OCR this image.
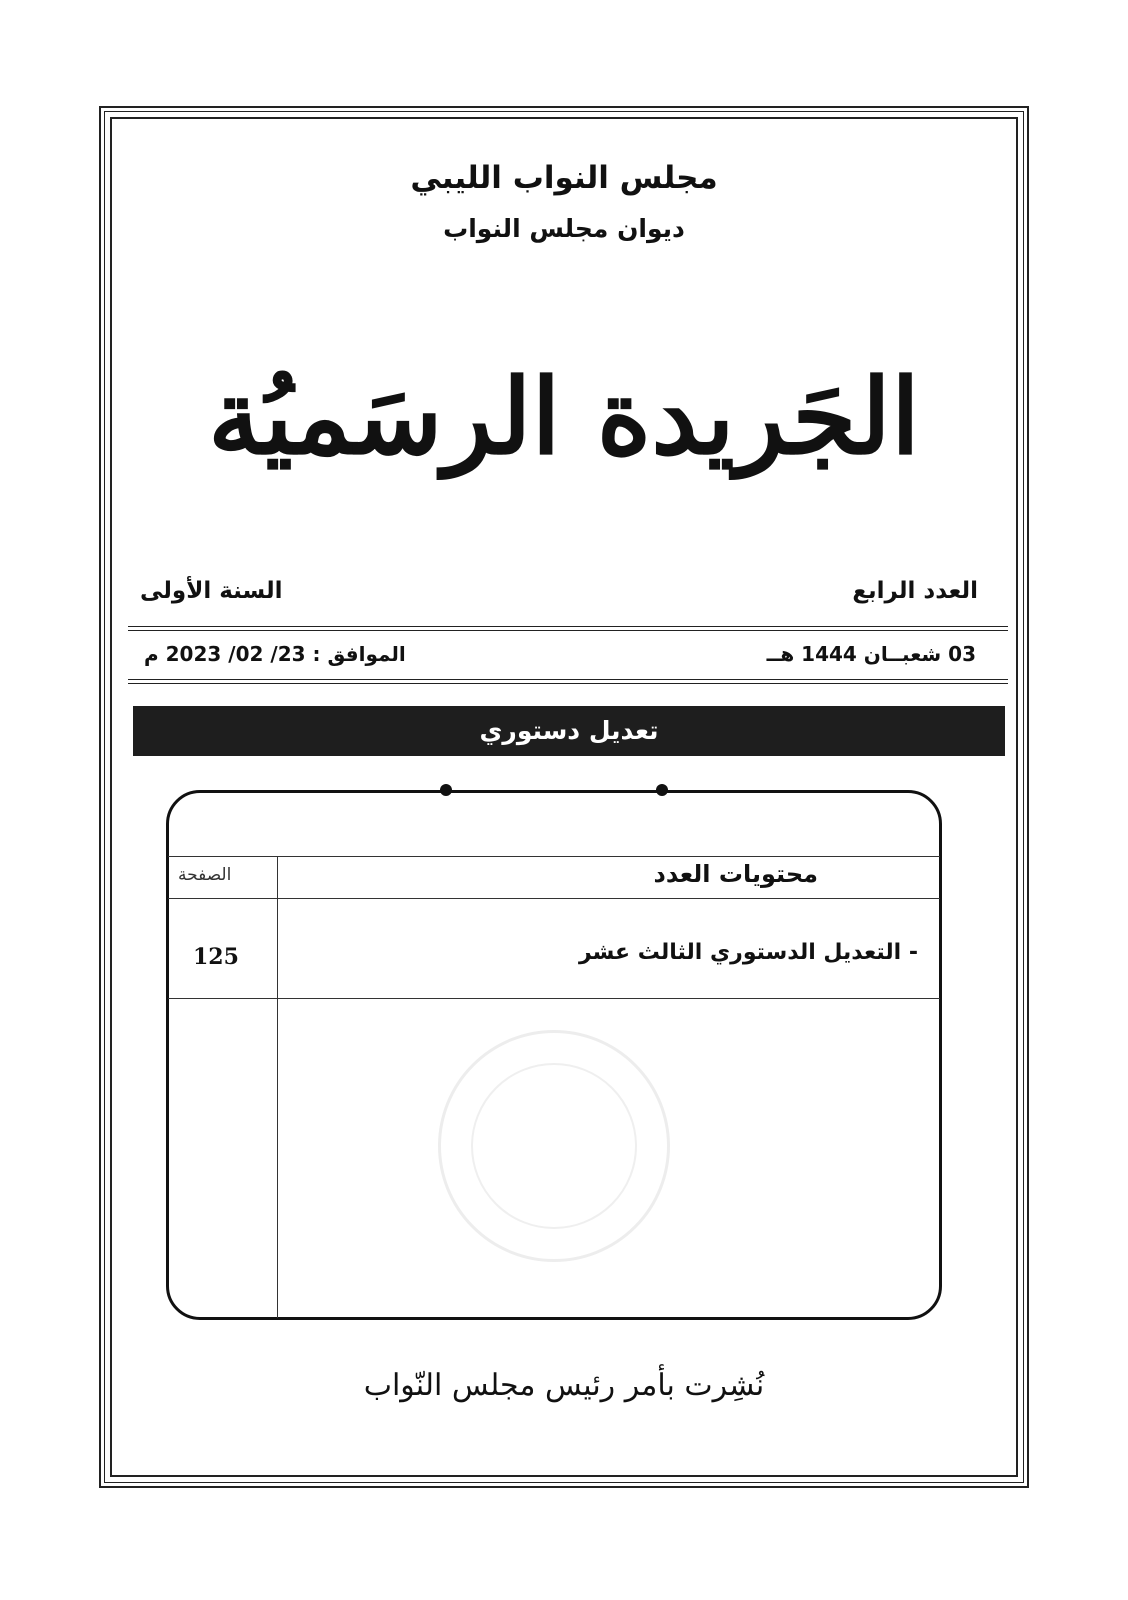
مجلس النواب الليبي
ديوان مجلس النواب
الجَريدة الرسَميُة
العدد الرابع
السنة الأولى
03 شعبــان 1444 هــ
الموافق : 23/ 02/ 2023 م
تعديل دستوري
محتويات العدد
الصفحة
- التعديل الدستوري الثالث عشر
125
نُشِرت بأمر رئيس مجلس النّواب
